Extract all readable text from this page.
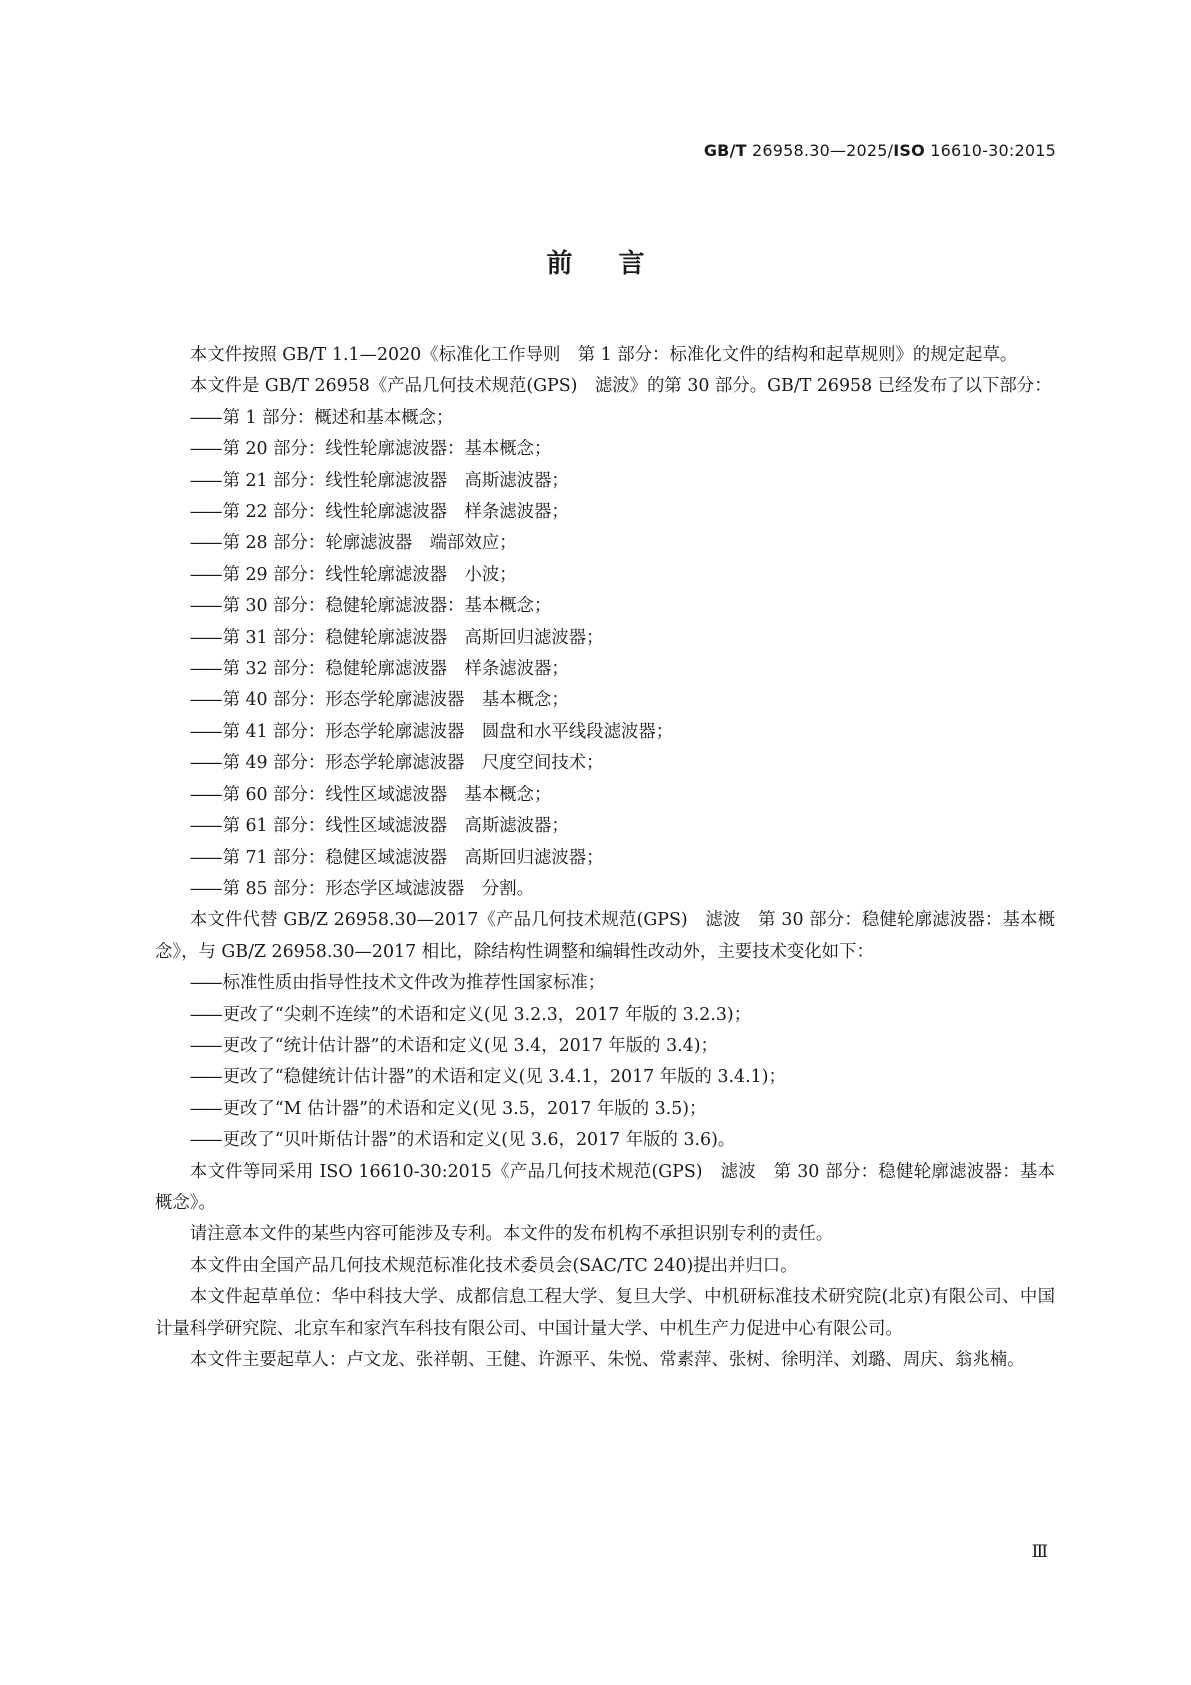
GB/T 26958.30—2025/ISO 16610-30:2015
前言

本文件按照 GB/T 1.1—2020《标准化工作导则　第 1 部分：标准化文件的结构和起草规则》的规定起草。

本文件是 GB/T 26958《产品几何技术规范(GPS)　滤波》的第 30 部分。GB/T 26958 已经发布了以下部分：

—— 第 1 部分：概述和基本概念；
—— 第 20 部分：线性轮廓滤波器：基本概念；
—— 第 21 部分：线性轮廓滤波器　高斯滤波器；
—— 第 22 部分：线性轮廓滤波器　样条滤波器；
—— 第 28 部分：轮廓滤波器　端部效应；
—— 第 29 部分：线性轮廓滤波器　小波；
—— 第 30 部分：稳健轮廓滤波器：基本概念；
—— 第 31 部分：稳健轮廓滤波器　高斯回归滤波器；
—— 第 32 部分：稳健轮廓滤波器　样条滤波器；
—— 第 40 部分：形态学轮廓滤波器　基本概念；
—— 第 41 部分：形态学轮廓滤波器　圆盘和水平线段滤波器；
—— 第 49 部分：形态学轮廓滤波器　尺度空间技术；
—— 第 60 部分：线性区域滤波器　基本概念；
—— 第 61 部分：线性区域滤波器　高斯滤波器；
—— 第 71 部分：稳健区域滤波器　高斯回归滤波器；
—— 第 85 部分：形态学区域滤波器　分割。

本文件代替 GB/Z 26958.30—2017《产品几何技术规范(GPS)　滤波　第 30 部分：稳健轮廓滤波器：基本概念》，与 GB/Z 26958.30—2017 相比，除结构性调整和编辑性改动外，主要技术变化如下：

—— 标准性质由指导性技术文件改为推荐性国家标准；
—— 更改了“尖刺不连续”的术语和定义(见 3.2.3，2017 年版的 3.2.3)；
—— 更改了“统计估计器”的术语和定义(见 3.4，2017 年版的 3.4)；
—— 更改了“稳健统计估计器”的术语和定义(见 3.4.1，2017 年版的 3.4.1)；
—— 更改了“M 估计器”的术语和定义(见 3.5，2017 年版的 3.5)；
—— 更改了“贝叶斯估计器”的术语和定义(见 3.6，2017 年版的 3.6)。

本文件等同采用 ISO 16610-30:2015《产品几何技术规范(GPS)　滤波　第 30 部分：稳健轮廓滤波器：基本概念》。

请注意本文件的某些内容可能涉及专利。本文件的发布机构不承担识别专利的责任。

本文件由全国产品几何技术规范标准化技术委员会(SAC/TC 240)提出并归口。

本文件起草单位：华中科技大学、成都信息工程大学、复旦大学、中机研标准技术研究院(北京)有限公司、中国计量科学研究院、北京车和家汽车科技有限公司、中国计量大学、中机生产力促进中心有限公司。

本文件主要起草人：卢文龙、张祥朝、王健、许源平、朱悦、常素萍、张树、徐明洋、刘璐、周庆、翁兆楠。

Ⅲ
